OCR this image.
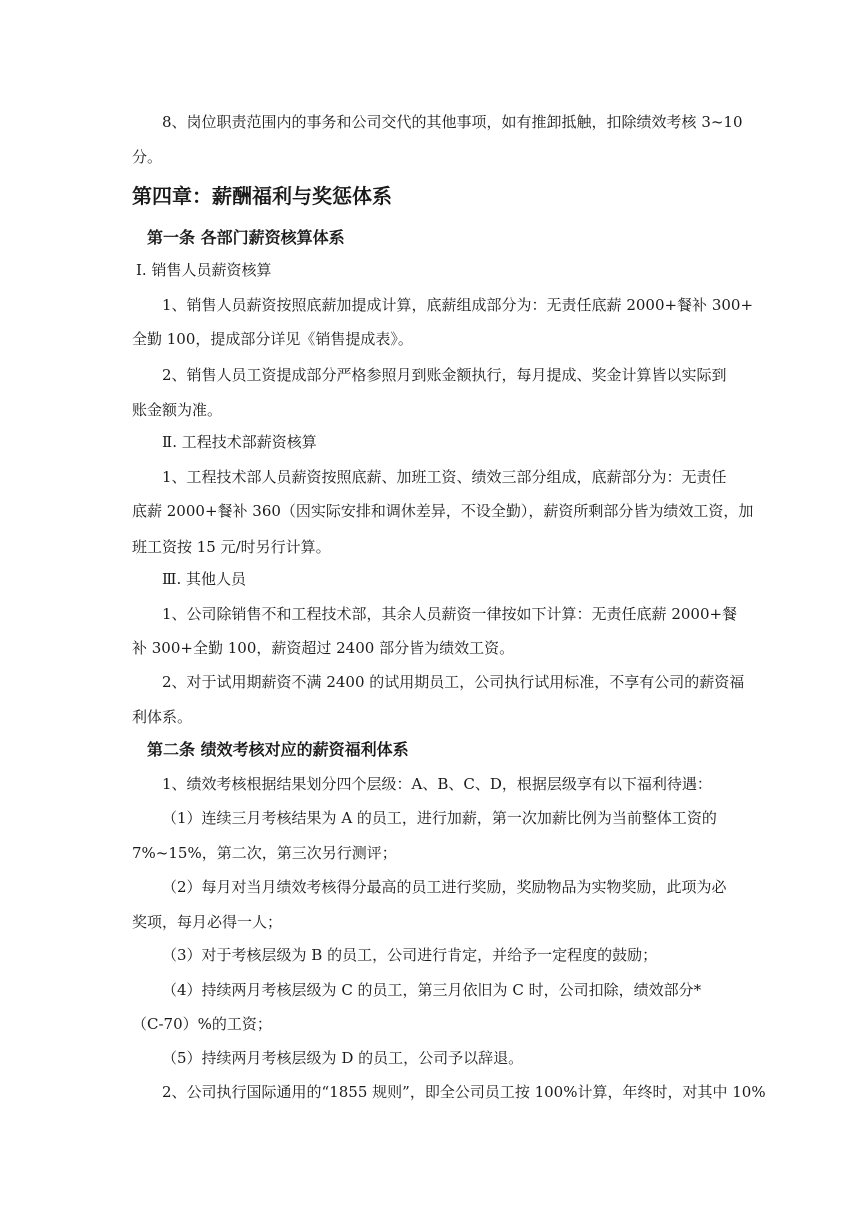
8、岗位职责范围内的事务和公司交代的其他事项，如有推卸抵触，扣除绩效考核 3~10
分。
第四章：薪酬福利与奖惩体系
第一条 各部门薪资核算体系
Ⅰ. 销售人员薪资核算
1、销售人员薪资按照底薪加提成计算，底薪组成部分为：无责任底薪 2000+餐补 300+
全勤 100，提成部分详见《销售提成表》。
2、销售人员工资提成部分严格参照月到账金额执行，每月提成、奖金计算皆以实际到
账金额为准。
Ⅱ. 工程技术部薪资核算
1、工程技术部人员薪资按照底薪、加班工资、绩效三部分组成，底薪部分为：无责任
底薪 2000+餐补 360（因实际安排和调休差异，不设全勤），薪资所剩部分皆为绩效工资，加
班工资按 15 元/时另行计算。
Ⅲ. 其他人员
1、公司除销售不和工程技术部，其余人员薪资一律按如下计算：无责任底薪 2000+餐
补 300+全勤 100，薪资超过 2400 部分皆为绩效工资。
2、对于试用期薪资不满 2400 的试用期员工，公司执行试用标准，不享有公司的薪资福
利体系。
第二条 绩效考核对应的薪资福利体系
1、绩效考核根据结果划分四个层级：A、B、C、D，根据层级享有以下福利待遇：
（1）连续三月考核结果为 A 的员工，进行加薪，第一次加薪比例为当前整体工资的
7%~15%，第二次，第三次另行测评；
（2）每月对当月绩效考核得分最高的员工进行奖励，奖励物品为实物奖励，此项为必
奖项，每月必得一人；
（3）对于考核层级为 B 的员工，公司进行肯定，并给予一定程度的鼓励；
（4）持续两月考核层级为 C 的员工，第三月依旧为 C 时，公司扣除，绩效部分*
（C-70）%的工资；
（5）持续两月考核层级为 D 的员工，公司予以辞退。
2、公司执行国际通用的“1855 规则”，即全公司员工按 100%计算，年终时，对其中 10%
